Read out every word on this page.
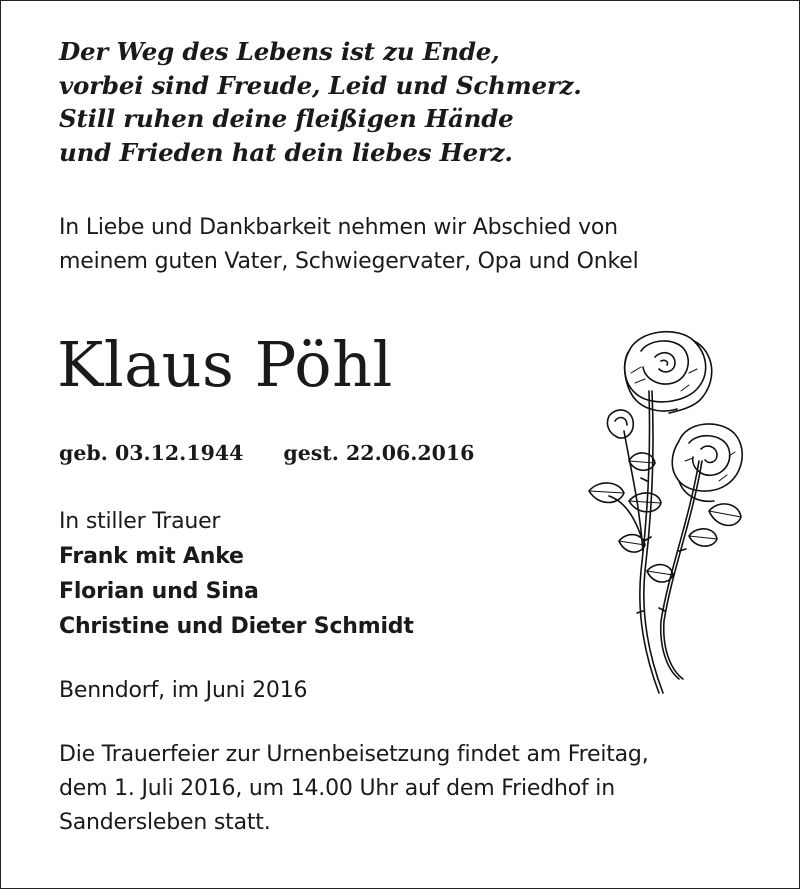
Der Weg des Lebens ist zu Ende,
vorbei sind Freude, Leid und Schmerz.
Still ruhen deine fleißigen Hände
und Frieden hat dein liebes Herz.
In Liebe und Dankbarkeit nehmen wir Abschied von
meinem guten Vater, Schwiegervater, Opa und Onkel
Klaus Pöhl
geb. 03.12.1944 gest. 22.06.2016
In stiller Trauer
Frank mit Anke
Florian und Sina
Christine und Dieter Schmidt
Benndorf, im Juni 2016
Die Trauerfeier zur Urnenbeisetzung findet am Freitag,
dem 1. Juli 2016, um 14.00 Uhr auf dem Friedhof in
Sandersleben statt.
